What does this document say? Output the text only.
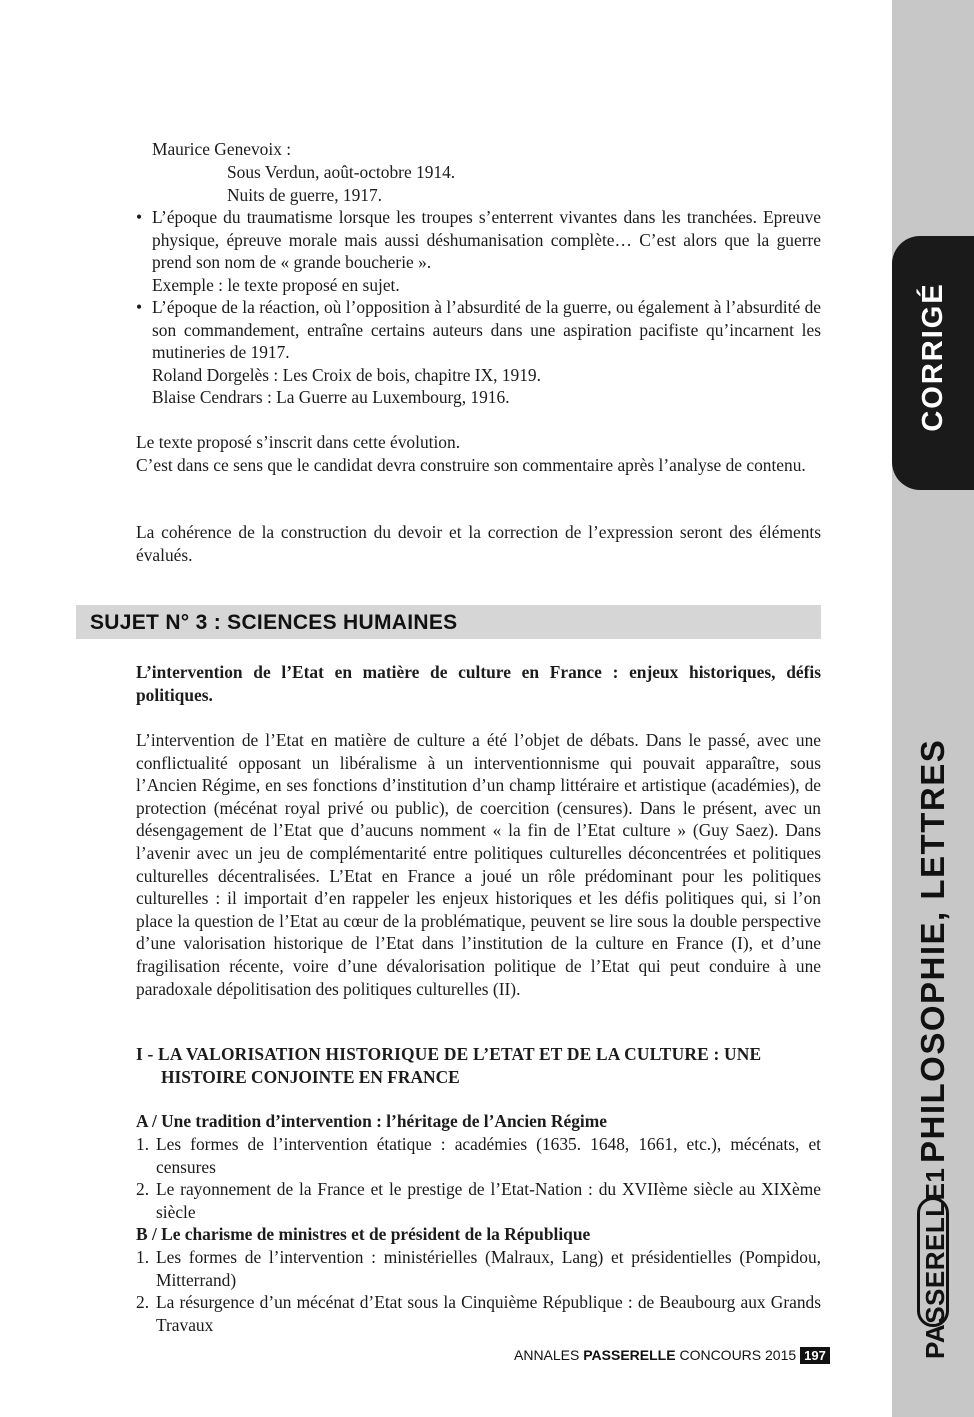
CORRIGÉ
PHILOSOPHIE, LETTRES
PASSERELLE1
Maurice Genevoix :
Sous Verdun, août-octobre 1914.
Nuits de guerre, 1917.
• L’époque du traumatisme lorsque les troupes s’enterrent vivantes dans les tranchées. Epreuve physique, épreuve morale mais aussi déshumanisation complète… C’est alors que la guerre prend son nom de « grande boucherie ».
Exemple : le texte proposé en sujet.
• L’époque de la réaction, où l’opposition à l’absurdité de la guerre, ou également à l’absurdité de son commandement, entraîne certains auteurs dans une aspiration pacifiste qu’incarnent les mutineries de 1917.
Roland Dorgelès : Les Croix de bois, chapitre IX, 1919.
Blaise Cendrars : La Guerre au Luxembourg, 1916.
Le texte proposé s’inscrit dans cette évolution.
C’est dans ce sens que le candidat devra construire son commentaire après l’analyse de contenu.
La cohérence de la construction du devoir et la correction de l’expression seront des éléments évalués.
SUJET N° 3 : SCIENCES HUMAINES
L’intervention de l’Etat en matière de culture en France : enjeux historiques, défis politiques.
L’intervention de l’Etat en matière de culture a été l’objet de débats. Dans le passé, avec une conflictualité opposant un libéralisme à un interventionnisme qui pouvait apparaître, sous l’Ancien Régime, en ses fonctions d’institution d’un champ littéraire et artistique (académies), de protection (mécénat royal privé ou public), de coercition (censures). Dans le présent, avec un désengagement de l’Etat que d’aucuns nomment « la fin de l’Etat culture » (Guy Saez). Dans l’avenir avec un jeu de complémentarité entre politiques culturelles déconcentrées et politiques culturelles décentralisées. L’Etat en France a joué un rôle prédominant pour les politiques culturelles : il importait d’en rappeler les enjeux historiques et les défis politiques qui, si l’on place la question de l’Etat au cœur de la problématique, peuvent se lire sous la double perspective d’une valorisation historique de l’Etat dans l’institution de la culture en France (I), et d’une fragilisation récente, voire d’une dévalorisation politique de l’Etat qui peut conduire à une paradoxale dépolitisation des politiques culturelles (II).
I - LA VALORISATION HISTORIQUE DE L’ETAT ET DE LA CULTURE : UNE
HISTOIRE CONJOINTE EN FRANCE
A / Une tradition d’intervention : l’héritage de l’Ancien Régime
1. Les formes de l’intervention étatique : académies (1635. 1648, 1661, etc.), mécénats, et censures
2. Le rayonnement de la France et le prestige de l’Etat-Nation : du XVIIème siècle au XIXème siècle
B / Le charisme de ministres et de président de la République
1. Les formes de l’intervention : ministérielles (Malraux, Lang) et présidentielles (Pompidou, Mitterrand)
2. La résurgence d’un mécénat d’Etat sous la Cinquième République : de Beaubourg aux Grands Travaux
ANNALES PASSERELLE CONCOURS 2015 197
